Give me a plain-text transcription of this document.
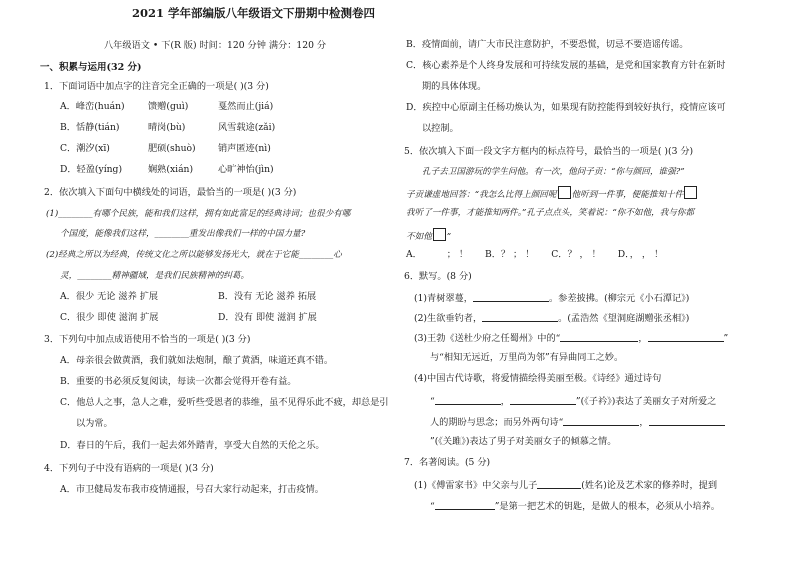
2021 学年部编版八年级语文下册期中检测卷四
八年级语文 • 下(R 版) 时间：120 分钟 满分：120 分
一、积累与运用(32 分)
1．下面词语中加点字的注音完全正确的一项是( )(3 分)
A．峰峦(huán)	馈赠(guì)	戛然而止(jiá)
B．恬静(tián)	晴岗(bù)	风雪载途(zǎi)
C．潮汐(xī)	肥硕(shuò) 销声匿迹(nì)
D．轻盈(yíng)	娴熟(xián)	心旷神怡(jìn)
2．依次填入下面句中横线处的词语，最恰当的一项是( )(3 分)
(1)________有哪个民族，能和我们这样，拥有如此富足的经典诗词；也很少有哪
个国度，能像我们这样，________重发出像我们一样的中国力量?
(2)经典之所以为经典，传统文化之所以能够发扬光大，就在于它能________心
灵，________精神疆域，是我们民族精神的纠葛。
A．很少 无论 滋养 扩展	B．没有 无论 滋养 拓展
C．很少 即使 滋润 扩展	D．没有 即使 滋润 扩展
3．下列句中加点成语使用不恰当的一项是( )(3 分)
A．母亲很会做黄酒，我们就如法炮制，酿了黄酒，味道还真不错。
B．重要的书必须反复阅读，每读一次都会觉得开卷有益。
C．他总人之事，急人之难，爱听些受恩者的恭维，虽不见得乐此不疲，却总是引
以为常。
D．春日的午后，我们一起去郊外踏青，享受大自然的天伦之乐。
4．下列句子中没有语病的一项是( )(3 分)
A．市卫健局发布我市疫情通报，号召大家行动起来，打击疫情。
B．疫情面前，请广大市民注意防护，不要恐慌，切忌不要造谣传谣。
C．核心素养是个人终身发展和可持续发展的基础，是党和国家教育方针在新时
期的具体体现。
D．疾控中心原副主任杨功焕认为，如果现有防控能得到较好执行，疫情应该可
以控制。
5．依次填入下面一段文字方框内的标点符号，最恰当的一项是( )(3 分)
孔子去卫国游玩的学生问他。有一次，他问子贡：“你与颜回，谁强?”
子贡谦虚地回答：“我怎么比得上颜回呢 他听到一件事，便能推知十件
我听了一件事，才能推知两件。”孔子点点头，笑着说：“你不如他，我与你都
不如他 ”
A．	； ！ B．？ ； ！ C．？ ， ！ D．， ， ！
6．默写。(8 分)
(1)青树翠蔓，	。参差披拂。(柳宗元《小石潭记》)
(2)生欲垂钓者，	。(孟浩然《望洞庭湖赠张丞相》)
(3)王勃《送杜少府之任蜀州》中的“	，	”
与“相知无远近，万里尚为邻”有异曲同工之妙。
(4)中国古代诗歌，将爱情描绘得美丽至极。《诗经》通过诗句
“	，	”(《子衿》)表达了美丽女子对所爱之
人的期盼与思念；而另外两句诗“	，
”(《关雎》)表达了男子对美丽女子的倾慕之情。
7．名著阅读。(5 分)
(1)《傅雷家书》中父亲与儿子	(姓名)论及艺术家的修养时，提到
“	”是第一把艺术的钥匙，是做人的根本，必须从小培养。
